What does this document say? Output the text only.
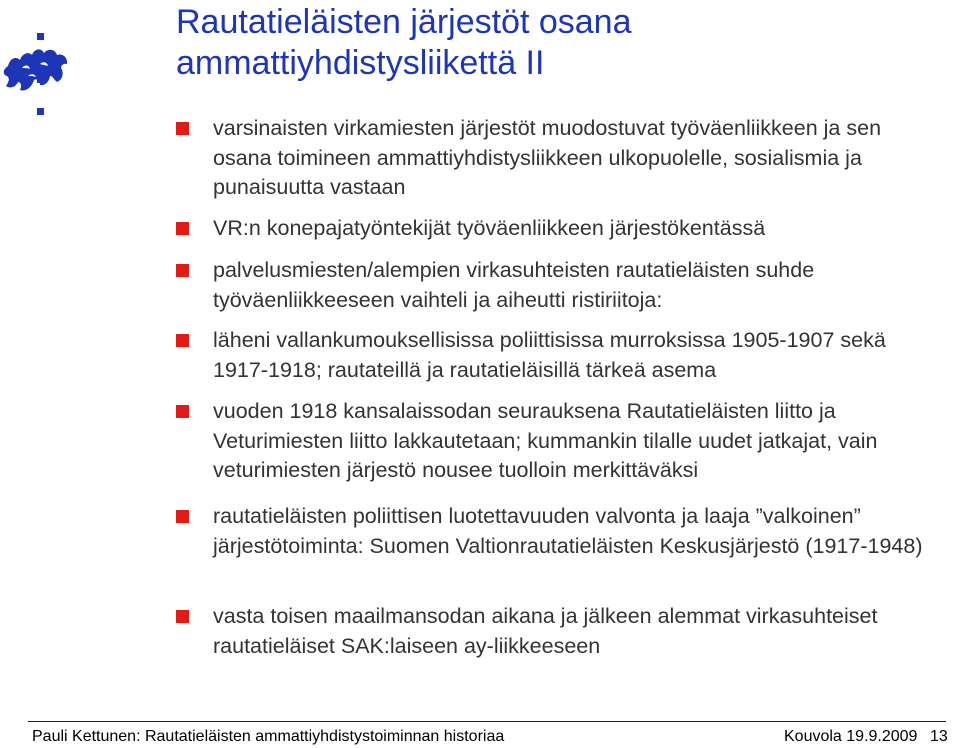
Rautatieläisten järjestöt osana
ammattiyhdistysliikettä II
varsinaisten virkamiesten järjestöt muodostuvat työväenliikkeen ja sen osana toimineen ammattiyhdistysliikkeen ulkopuolelle, sosialismia ja punaisuutta vastaan
VR:n konepajatyöntekijät työväenliikkeen järjestökentässä
palvelusmiesten/alempien virkasuhteisten rautatieläisten suhde työväenliikkeeseen vaihteli ja aiheutti ristiriitoja:
läheni vallankumouksellisissa poliittisissa murroksissa 1905-1907 sekä 1917-1918; rautateillä ja rautatieläisillä tärkeä asema
vuoden 1918 kansalaissodan seurauksena Rautatieläisten liitto ja Veturimiesten liitto lakkautetaan; kummankin tilalle uudet jatkajat, vain veturimiesten järjestö nousee tuolloin merkittäväksi
rautatieläisten poliittisen luotettavuuden valvonta ja laaja ”valkoinen” järjestötoiminta: Suomen Valtionrautatieläisten Keskusjärjestö (1917-1948)
vasta toisen maailmansodan aikana ja jälkeen alemmat virkasuhteiset rautatieläiset SAK:laiseen ay-liikkeeseen
Pauli Kettunen: Rautatieläisten ammattiyhdistystoiminnan historiaa	Kouvola 19.9.2009 13
